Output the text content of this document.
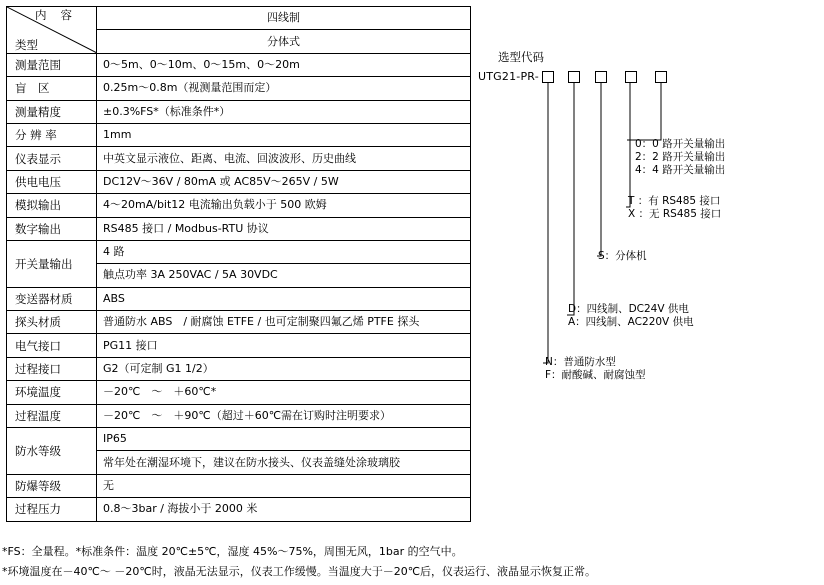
内容
类型	四线制
	分体式
测量范围	0～5m、0～10m、0～15m、0～20m
盲　区	0.25m～0.8m（视测量范围而定）
测量精度	±0.3%FS*（标准条件*）
分 辨 率	1mm
仪表显示	中英文显示液位、距离、电流、回波波形、历史曲线
供电电压	DC12V～36V / 80mA 或 AC85V～265V / 5W
模拟输出	4～20mA/bit12 电流输出负载小于 500 欧姆
数字输出	RS485 接口 / Modbus-RTU 协议
开关量输出	4 路
	触点功率 3A 250VAC / 5A 30VDC
变送器材质	ABS
探头材质	普通防水 ABS　/ 耐腐蚀 ETFE / 也可定制聚四氟乙烯 PTFE 探头
电气接口	PG11 接口
过程接口	G2（可定制 G1 1/2）
环境温度	－20℃　～　＋60℃*
过程温度	－20℃　～　＋90℃（超过＋60℃需在订购时注明要求）
防水等级	IP65
	常年处在潮湿环境下，建议在防水接头、仪表盖缝处涂玻璃胶
防爆等级	无
过程压力	0.8～3bar / 海拔小于 2000 米
选型代码
UTG21-PR-
0：0 路开关量输出
2：2 路开关量输出
4：4 路开关量输出
T ：有 RS485 接口
X ：无 RS485 接口
S：分体机
D：四线制、DC24V 供电
A：四线制、AC220V 供电
N：普通防水型
F：耐酸碱、耐腐蚀型
*FS：全量程。*标准条件：温度 20℃±5℃，湿度 45%～75%，周围无风，1bar 的空气中。
*环境温度在－40℃～ －20℃时，液晶无法显示，仪表工作缓慢。当温度大于－20℃后，仪表运行、液晶显示恢复正常。
